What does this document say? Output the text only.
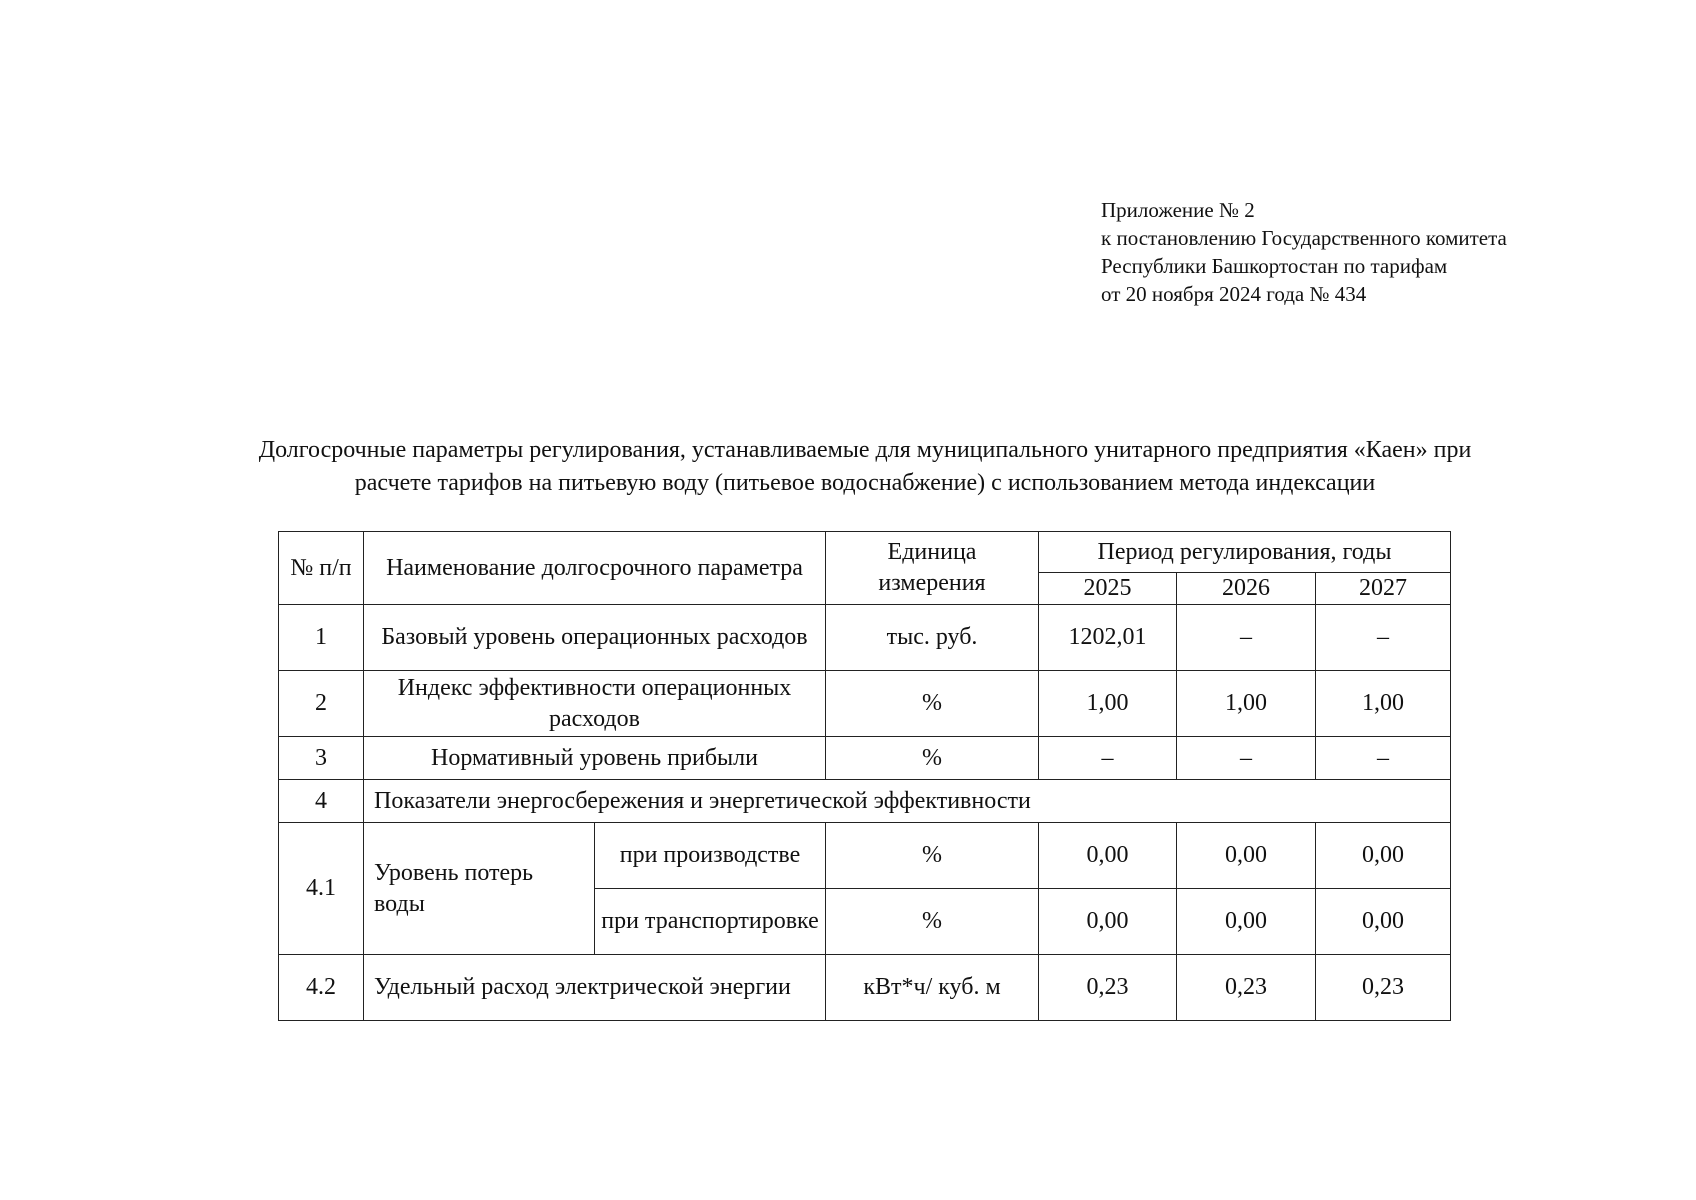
Приложение № 2
к постановлению Государственного комитета
Республики Башкортостан по тарифам
от 20 ноября 2024 года № 434
Долгосрочные параметры регулирования, устанавливаемые для муниципального унитарного предприятия «Каен» при
расчете тарифов на питьевую воду (питьевое водоснабжение) с использованием метода индексации
№ п/п	Наименование долгосрочного параметра		Единица измерения	Период регулирования, годы		
				2025	2026	2027
1	Базовый уровень операционных расходов		тыс. руб.	1202,01	–	–
2	Индекс эффективности операционных расходов		%	1,00	1,00	1,00
3	Нормативный уровень прибыли		%	–	–	–
4	Показатели энергосбережения и энергетической эффективности					
4.1	Уровень потерь воды	при производстве	%	0,00	0,00	0,00
		при транспортировке	%	0,00	0,00	0,00
4.2	Удельный расход электрической энергии		кВт*ч/ куб. м	0,23	0,23	0,23
